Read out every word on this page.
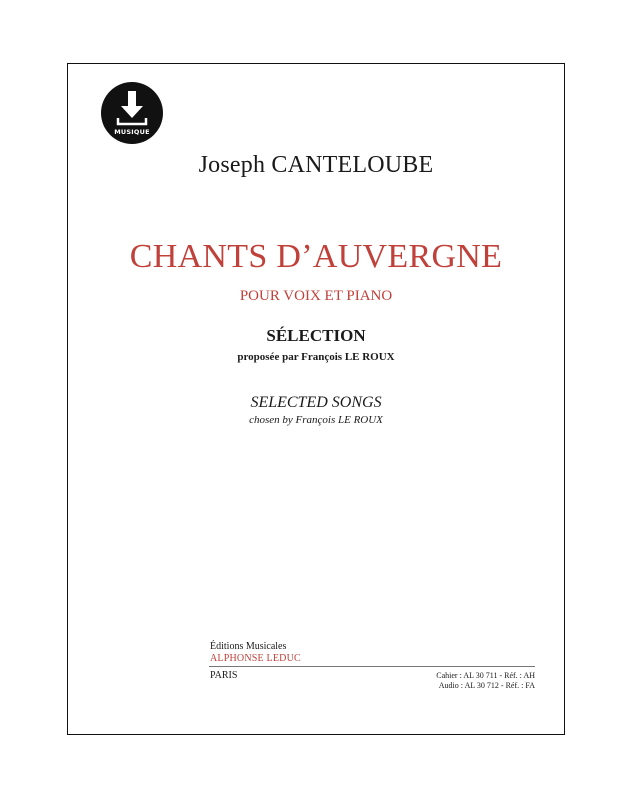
MUSIQUE
Joseph CANTELOUBE
CHANTS D’AUVERGNE
POUR VOIX ET PIANO
SÉLECTION
proposée par François LE ROUX
SELECTED SONGS
chosen by François LE ROUX
Éditions Musicales
ALPHONSE LEDUC
PARIS	Cahier : AL 30 711 - Réf. : AH
Audio : AL 30 712 - Réf. : FA
